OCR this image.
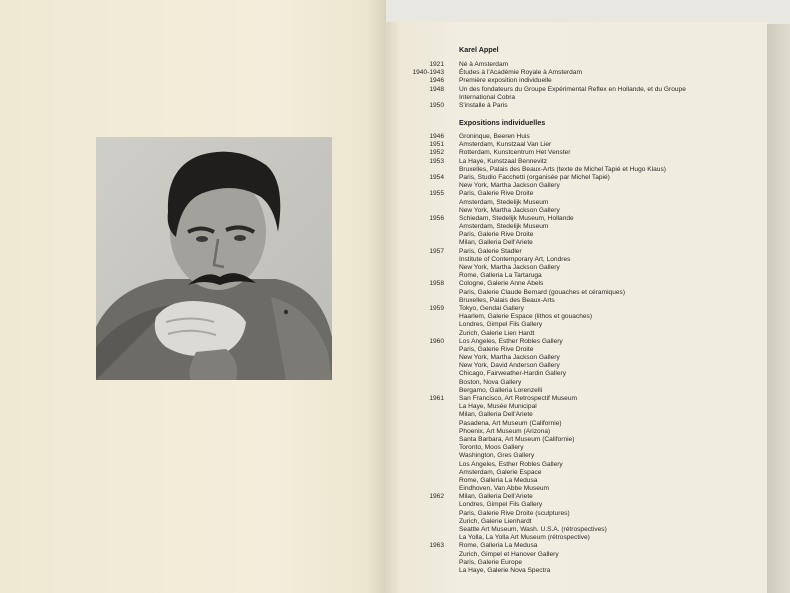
Karel Appel
1921
1940-1943
1946
1948
1950
Né à Amsterdam
Études à l'Académie Royale à Amsterdam
Première exposition individuelle
Un des fondateurs du Groupe Expérimental Reflex en Hollande, et du Groupe
International Cobra
S'installe à Paris
Expositions individuelles
1946
1951
1952
1953
1954
1955
1956
1957
1958
1959
1960
1961
1962
1963
Groninque, Beeren Huis
Amsterdam, Kunstzaal Van Lier
Rotterdam, Kunstcentrum Het Venster
La Haye, Kunstzaal Bennevitz
Bruxelles, Palais des Beaux-Arts (texte de Michel Tapié et Hugo Klaus)
Paris, Studio Facchetti (organisée par Michel Tapié)
New York, Martha Jackson Gallery
Paris, Galerie Rive Droite
Amsterdam, Stedelijk Museum
New York, Martha Jackson Gallery
Schiedam, Stedelijk Museum, Hollande
Amsterdam, Stedelijk Museum
Paris, Galerie Rive Droite
Milan, Galleria Dell'Ariete
Paris, Galerie Stadler
Institute of Contemporary Art, Londres
New York, Martha Jackson Gallery
Rome, Galleria La Tartaruga
Cologne, Galerie Anne Abels
Paris, Galerie Claude Bernard (gouaches et céramiques)
Bruxelles, Palais des Beaux-Arts
Tokyo, Gendai Gallery
Haarlem, Galerie Espace (lithos et gouaches)
Londres, Gimpel Fils Gallery
Zurich, Galerie Lien Hardt
Los Angeles, Esther Robles Gallery
Paris, Galerie Rive Droite
New York, Martha Jackson Gallery
New York, David Anderson Gallery
Chicago, Fairweather-Hardin Gallery
Boston, Nova Gallery
Bergamo, Galleria Lorenzelli
San Francisco, Art Retrospectif Museum
La Haye, Musée Municipal
Milan, Galleria Dell'Ariete
Pasadena, Art Museum (Californie)
Phoenix, Art Museum (Arizona)
Santa Barbara, Art Museum (Californie)
Toronto, Moos Gallery
Washington, Gres Gallery
Los Angeles, Esther Robles Gallery
Amsterdam, Galerie Espace
Rome, Galleria La Medusa
Eindhoven, Van Abbe Museum
Milan, Galleria Dell'Ariete
Londres, Gimpel Fils Gallery
Paris, Galerie Rive Droite (sculptures)
Zurich, Galerie Lienhardt
Seattle Art Museum, Wash. U.S.A. (rétrospectives)
La Yolla, La Yolla Art Museum (rétrospective)
Rome, Galleria La Medusa
Zurich, Gimpel et Hanover Gallery
Paris, Galerie Europe
La Haye, Galerie Nova Spectra
